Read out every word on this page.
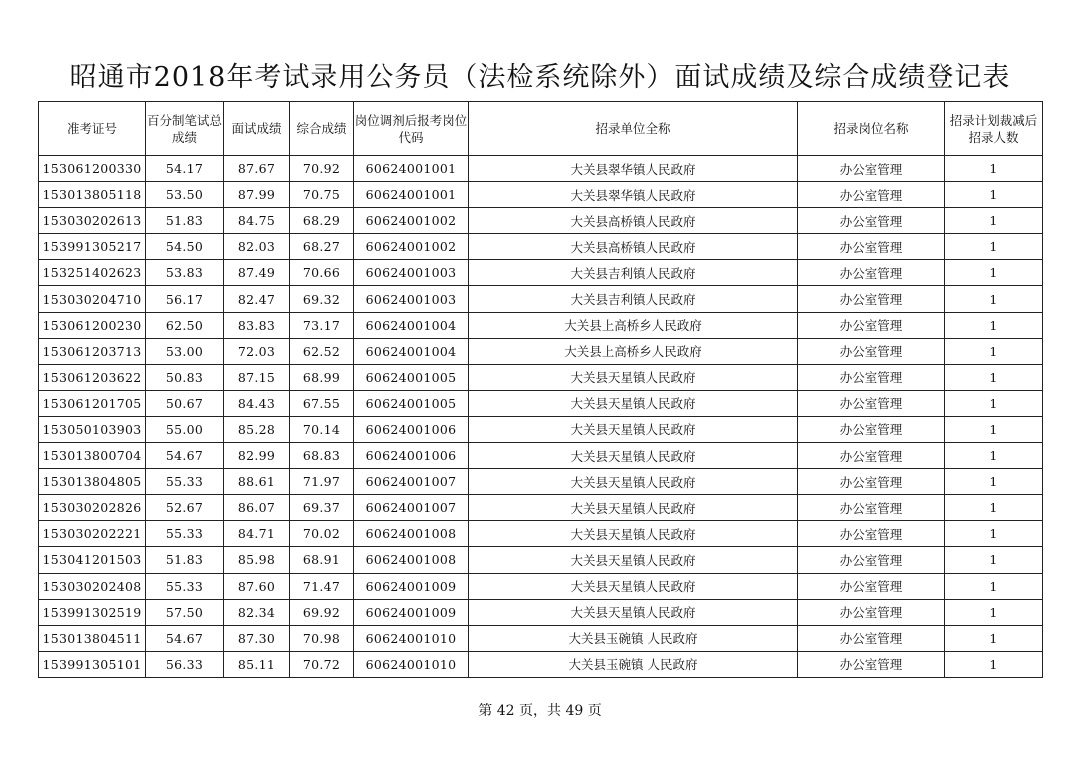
昭通市2018年考试录用公务员（法检系统除外）面试成绩及综合成绩登记表
准考证号	百分制笔试总成绩	面试成绩	综合成绩	岗位调剂后报考岗位代码	招录单位全称	招录岗位名称	招录计划裁减后招录人数
153061200330	54.17	87.67	70.92	60624001001	大关县翠华镇人民政府	办公室管理	1
153013805118	53.50	87.99	70.75	60624001001	大关县翠华镇人民政府	办公室管理	1
153030202613	51.83	84.75	68.29	60624001002	大关县高桥镇人民政府	办公室管理	1
153991305217	54.50	82.03	68.27	60624001002	大关县高桥镇人民政府	办公室管理	1
153251402623	53.83	87.49	70.66	60624001003	大关县吉利镇人民政府	办公室管理	1
153030204710	56.17	82.47	69.32	60624001003	大关县吉利镇人民政府	办公室管理	1
153061200230	62.50	83.83	73.17	60624001004	大关县上高桥乡人民政府	办公室管理	1
153061203713	53.00	72.03	62.52	60624001004	大关县上高桥乡人民政府	办公室管理	1
153061203622	50.83	87.15	68.99	60624001005	大关县天星镇人民政府	办公室管理	1
153061201705	50.67	84.43	67.55	60624001005	大关县天星镇人民政府	办公室管理	1
153050103903	55.00	85.28	70.14	60624001006	大关县天星镇人民政府	办公室管理	1
153013800704	54.67	82.99	68.83	60624001006	大关县天星镇人民政府	办公室管理	1
153013804805	55.33	88.61	71.97	60624001007	大关县天星镇人民政府	办公室管理	1
153030202826	52.67	86.07	69.37	60624001007	大关县天星镇人民政府	办公室管理	1
153030202221	55.33	84.71	70.02	60624001008	大关县天星镇人民政府	办公室管理	1
153041201503	51.83	85.98	68.91	60624001008	大关县天星镇人民政府	办公室管理	1
153030202408	55.33	87.60	71.47	60624001009	大关县天星镇人民政府	办公室管理	1
153991302519	57.50	82.34	69.92	60624001009	大关县天星镇人民政府	办公室管理	1
153013804511	54.67	87.30	70.98	60624001010	大关县玉碗镇 人民政府	办公室管理	1
153991305101	56.33	85.11	70.72	60624001010	大关县玉碗镇 人民政府	办公室管理	1
第 42 页，共 49 页
